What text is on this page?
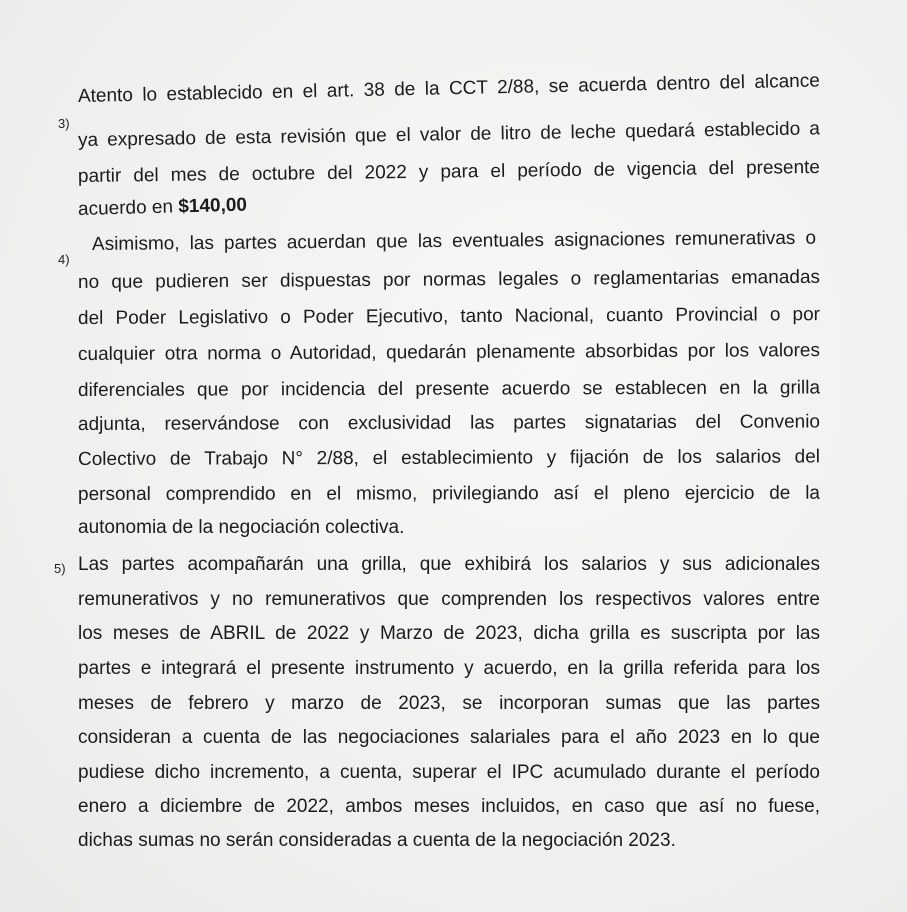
3)
Atento lo establecido en el art. 38 de la CCT 2/88, se acuerda dentro del alcance
ya expresado de esta revisión que el valor de litro de leche quedará establecido a
partir del mes de octubre del 2022 y para el período de vigencia del presente
acuerdo en $140,00
4)
Asimismo, las partes acuerdan que las eventuales asignaciones remunerativas o
no que pudieren ser dispuestas por normas legales o reglamentarias emanadas
del Poder Legislativo o Poder Ejecutivo, tanto Nacional, cuanto Provincial o por
cualquier otra norma o Autoridad, quedarán plenamente absorbidas por los valores
diferenciales que por incidencia del presente acuerdo se establecen en la grilla
adjunta, reservándose con exclusividad las partes signatarias del Convenio
Colectivo de Trabajo N° 2/88, el establecimiento y fijación de los salarios del
personal comprendido en el mismo, privilegiando así el pleno ejercicio de la
autonomia de la negociación colectiva.
5) Las partes acompañarán una grilla, que exhibirá los salarios y sus adicionales
remunerativos y no remunerativos que comprenden los respectivos valores entre
los meses de ABRIL de 2022 y Marzo de 2023, dicha grilla es suscripta por las
partes e integrará el presente instrumento y acuerdo, en la grilla referida para los
meses de febrero y marzo de 2023, se incorporan sumas que las partes
consideran a cuenta de las negociaciones salariales para el año 2023 en lo que
pudiese dicho incremento, a cuenta, superar el IPC acumulado durante el período
enero a diciembre de 2022, ambos meses incluidos, en caso que así no fuese,
dichas sumas no serán consideradas a cuenta de la negociación 2023.
